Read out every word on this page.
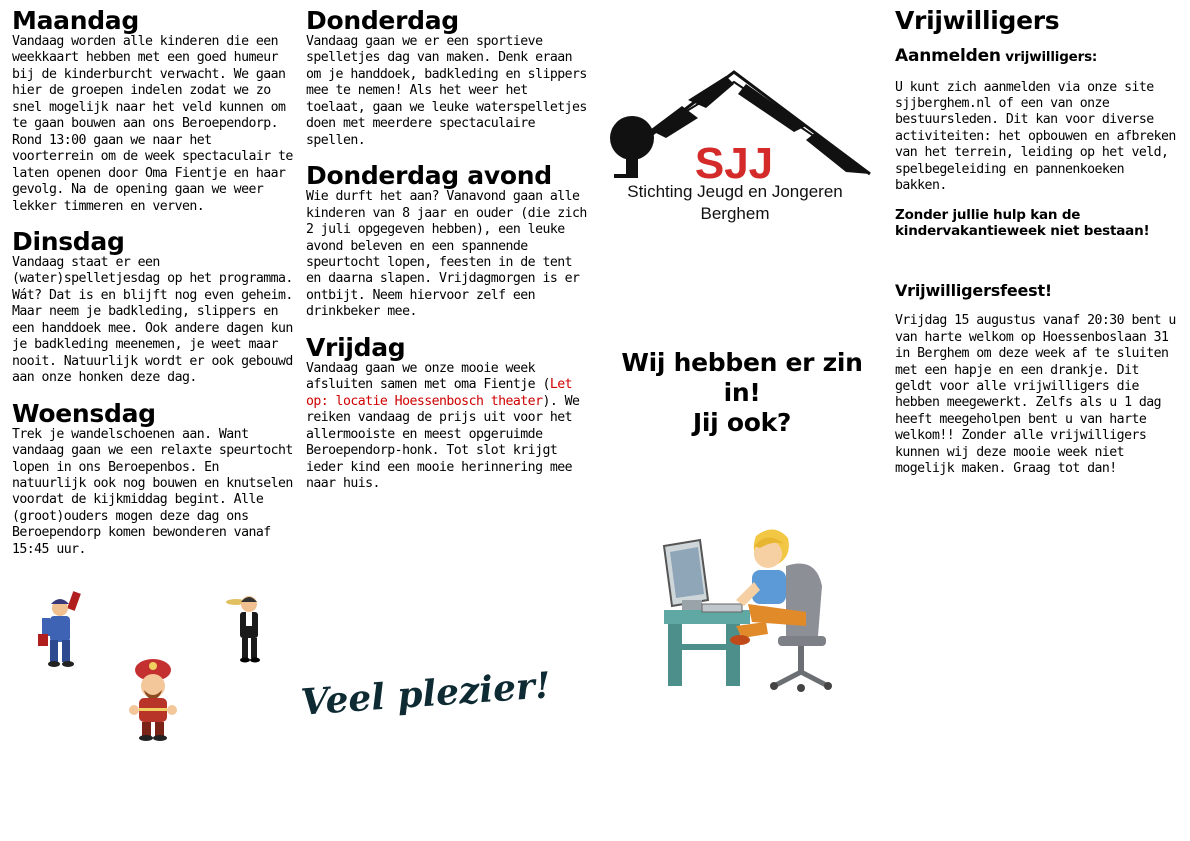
Maandag

Vandaag worden alle kinderen die een weekkaart hebben met een goed humeur bij de kinderburcht verwacht. We gaan hier de groepen indelen zodat we zo snel mogelijk naar het veld kunnen om te gaan bouwen aan ons Beroependorp. Rond 13:00 gaan we naar het voorterrein om de week spectaculair te laten openen door Oma Fientje en haar gevolg. Na de opening gaan we weer lekker timmeren en verven.

Dinsdag

Vandaag staat er een (water)spelletjesdag op het programma. Wát? Dat is en blijft nog even geheim. Maar neem je badkleding, slippers en een handdoek mee. Ook andere dagen kun je badkleding meenemen, je weet maar nooit. Natuurlijk wordt er ook gebouwd aan onze honken deze dag.

Woensdag

Trek je wandelschoenen aan. Want vandaag gaan we een relaxte speurtocht lopen in ons Beroepenbos. En natuurlijk ook nog bouwen en knutselen voordat de kijkmiddag begint. Alle (groot)ouders mogen deze dag ons Beroependorp komen bewonderen vanaf 15:45 uur.

Donderdag

Vandaag gaan we er een sportieve spelletjes dag van maken. Denk eraan om je handdoek, badkleding en slippers mee te nemen! Als het weer het toelaat, gaan we leuke waterspelletjes doen met meerdere spectaculaire spellen.

Donderdag avond

Wie durft het aan? Vanavond gaan alle kinderen van 8 jaar en ouder (die zich 2 juli opgegeven hebben), een leuke avond beleven en een spannende speurtocht lopen, feesten in de tent en daarna slapen. Vrijdagmorgen is er ontbijt. Neem hiervoor zelf een drinkbeker mee.

Vrijdag

Vandaag gaan we onze mooie week afsluiten samen met oma Fientje (Let op: locatie Hoessenbosch theater). We reiken vandaag de prijs uit voor het allermooiste en meest opgeruimde Beroependorp-honk. Tot slot krijgt ieder kind een mooie herinnering mee naar huis.

SJJ
Stichting Jeugd en Jongeren
Berghem
Wij hebben er zin in!
Jij ook?
Veel plezier!
Vrijwilligers
Aanmelden vrijwilligers:

U kunt zich aanmelden via onze site sjjberghem.nl of een van onze bestuursleden. Dit kan voor diverse activiteiten: het opbouwen en afbreken van het terrein, leiding op het veld, spelbegeleiding en pannenkoeken bakken.

Zonder jullie hulp kan de kindervakantieweek niet bestaan!

Vrijwilligersfeest!

Vrijdag 15 augustus vanaf 20:30 bent u van harte welkom op Hoessenboslaan 31 in Berghem om deze week af te sluiten met een hapje en een drankje. Dit geldt voor alle vrijwilligers die hebben meegewerkt. Zelfs als u 1 dag heeft meegeholpen bent u van harte welkom!! Zonder alle vrijwilligers kunnen wij deze mooie week niet mogelijk maken. Graag tot dan!
